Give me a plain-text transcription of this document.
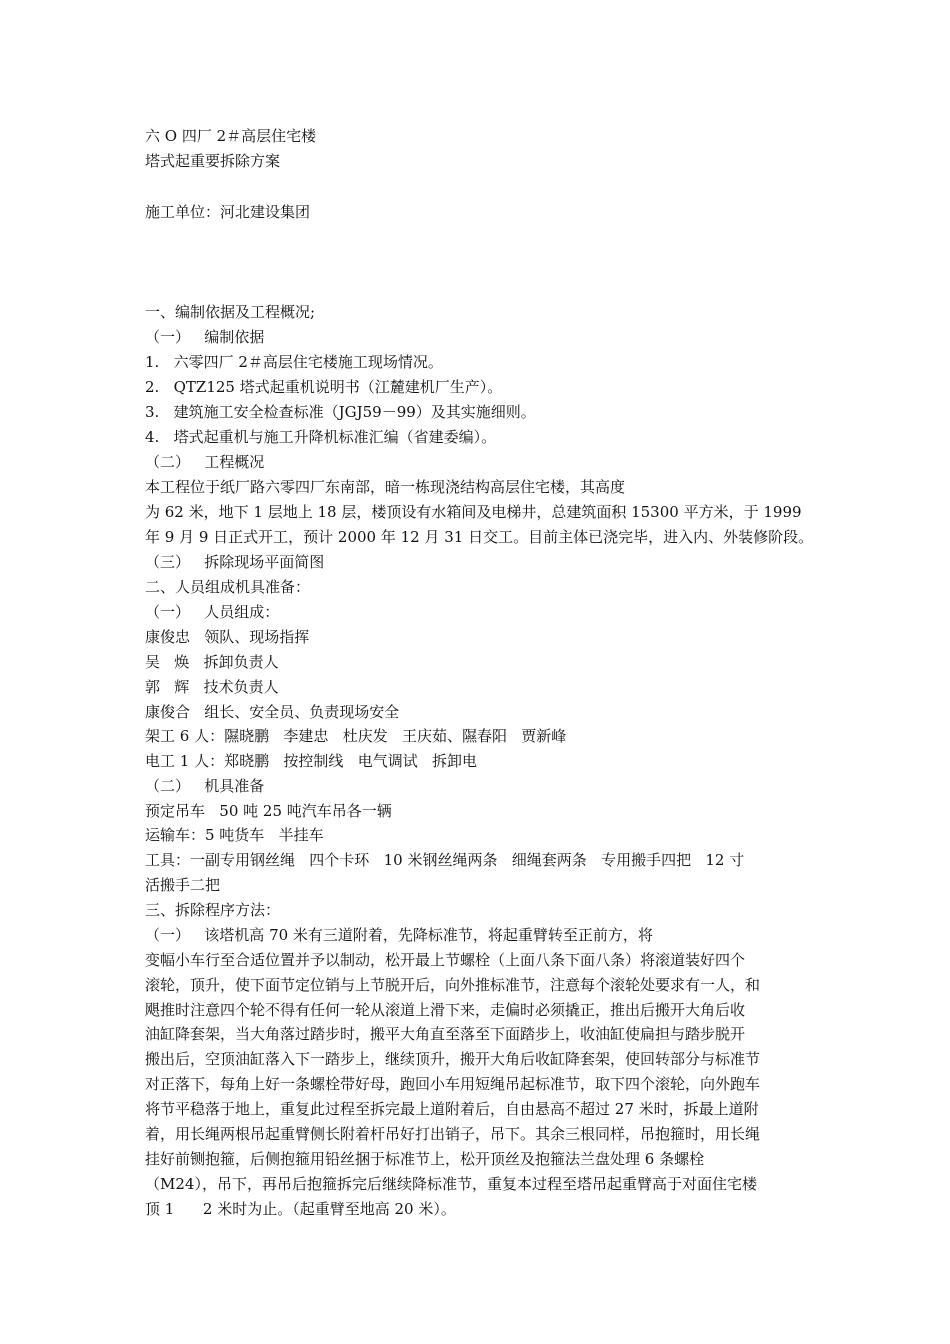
六 O 四厂 2＃高层住宅楼

塔式起重要拆除方案

施工单位：河北建设集团

一、编制依据及工程概况;

（一）   编制依据

1.   六零四厂 2＃高层住宅楼施工现场情况。

2.   QTZ125 塔式起重机说明书（江麓建机厂生产）。

3.   建筑施工安全检查标准（JGJ59－99）及其实施细则。

4.   塔式起重机与施工升降机标准汇编（省建委编）。

（二）   工程概况

本工程位于纸厂路六零四厂东南部，暗一栋现浇结构高层住宅楼，其高度

为 62 米，地下 1 层地上 18 层，楼顶设有水箱间及电梯井，总建筑面积 15300 平方米，于 1999

年 9 月 9 日正式开工，预计 2000 年 12 月 31 日交工。目前主体已浇完毕，进入内、外装修阶段。

（三）   拆除现场平面简图

二、人员组成机具准备：

（一）   人员组成：

康俊忠   领队、现场指挥

吴   焕   拆卸负责人

郭   辉   技术负责人

康俊合   组长、安全员、负责现场安全

架工 6 人：隰晓鹏   李建忠   杜庆发   王庆茹、隰春阳   贾新峰

电工 1 人：郑晓鹏   按控制线   电气调试   拆卸电

（二）   机具准备

预定吊车   50 吨 25 吨汽车吊各一辆

运输车：5 吨货车   半挂车

工具：一副专用钢丝绳   四个卡环   10 米钢丝绳两条   细绳套两条   专用搬手四把   12 寸

活搬手二把

三、拆除程序方法：

（一）   该塔机高 70 米有三道附着，先降标准节，将起重臂转至正前方，将

变幅小车行至合适位置并予以制动，松开最上节螺栓（上面八条下面八条）将滚道装好四个

滚轮，顶升，使下面节定位销与上节脱开后，向外推标准节，注意每个滚轮处要求有一人，和

飓推时注意四个轮不得有任何一轮从滚道上滑下来，走偏时必须撬正，推出后搬开大角后收

油缸降套架，当大角落过踏步时，搬平大角直至落至下面踏步上，收油缸使扁担与踏步脱开

搬出后，空顶油缸落入下一踏步上，继续顶升，搬开大角后收缸降套架，使回转部分与标准节

对正落下，每角上好一条螺栓带好母，跑回小车用短绳吊起标准节，取下四个滚轮，向外跑车

将节平稳落于地上，重复此过程至拆完最上道附着后，自由悬高不超过 27 米时，拆最上道附

着，用长绳两根吊起重臂侧长附着杆吊好打出销子，吊下。其余三根同样，吊抱箍时，用长绳

挂好前铡抱箍，后侧抱箍用铅丝捆于标准节上，松开顶丝及抱箍法兰盘处理 6 条螺栓

（M24），吊下，再吊后抱箍拆完后继续降标准节，重复本过程至塔吊起重臂高于对面住宅楼

顶 1      2 米时为止。（起重臂至地高 20 米）。
